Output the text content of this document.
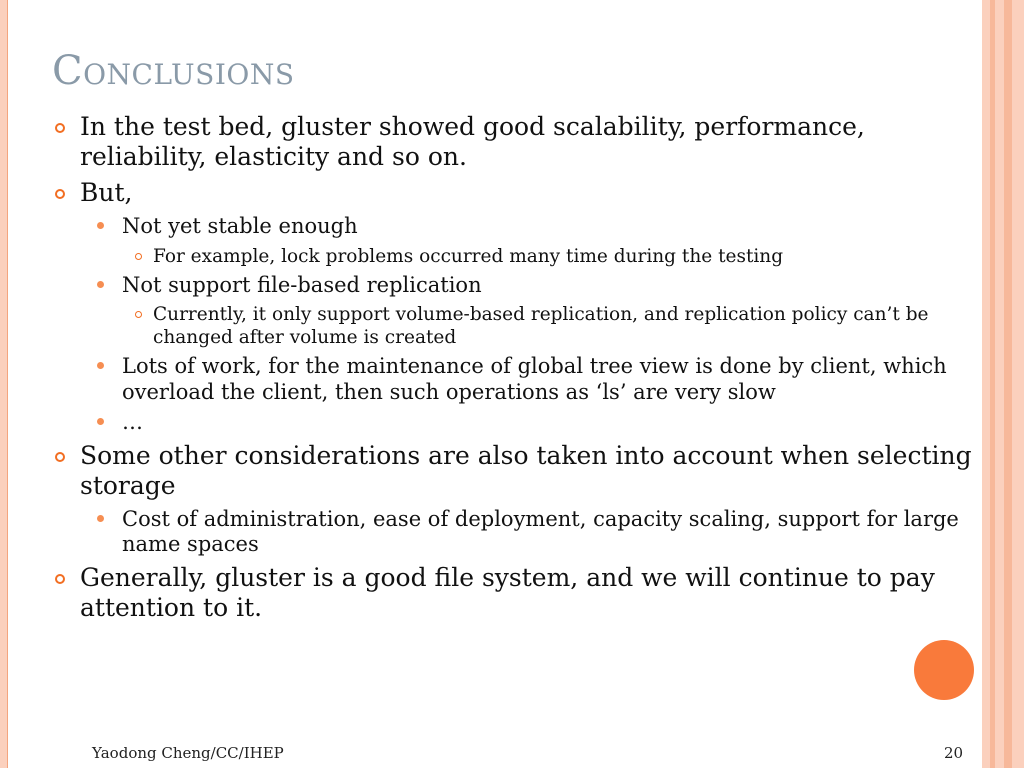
Conclusions
In the test bed, gluster showed good scalability, performance, reliability, elasticity and so on.
But,
Not yet stable enough
For example, lock problems occurred many time during the testing
Not support file-based replication
Currently, it only support volume-based replication, and replication policy can’t be changed after volume is created
Lots of work, for the maintenance of global tree view is done by client, which overload the client, then such operations as ‘ls’ are very slow
…
Some other considerations are also taken into account when selecting storage
Cost of administration, ease of deployment, capacity scaling, support for large name spaces
Generally, gluster is a good file system, and we will continue to pay attention to it.
Yaodong Cheng/CC/IHEP	20
